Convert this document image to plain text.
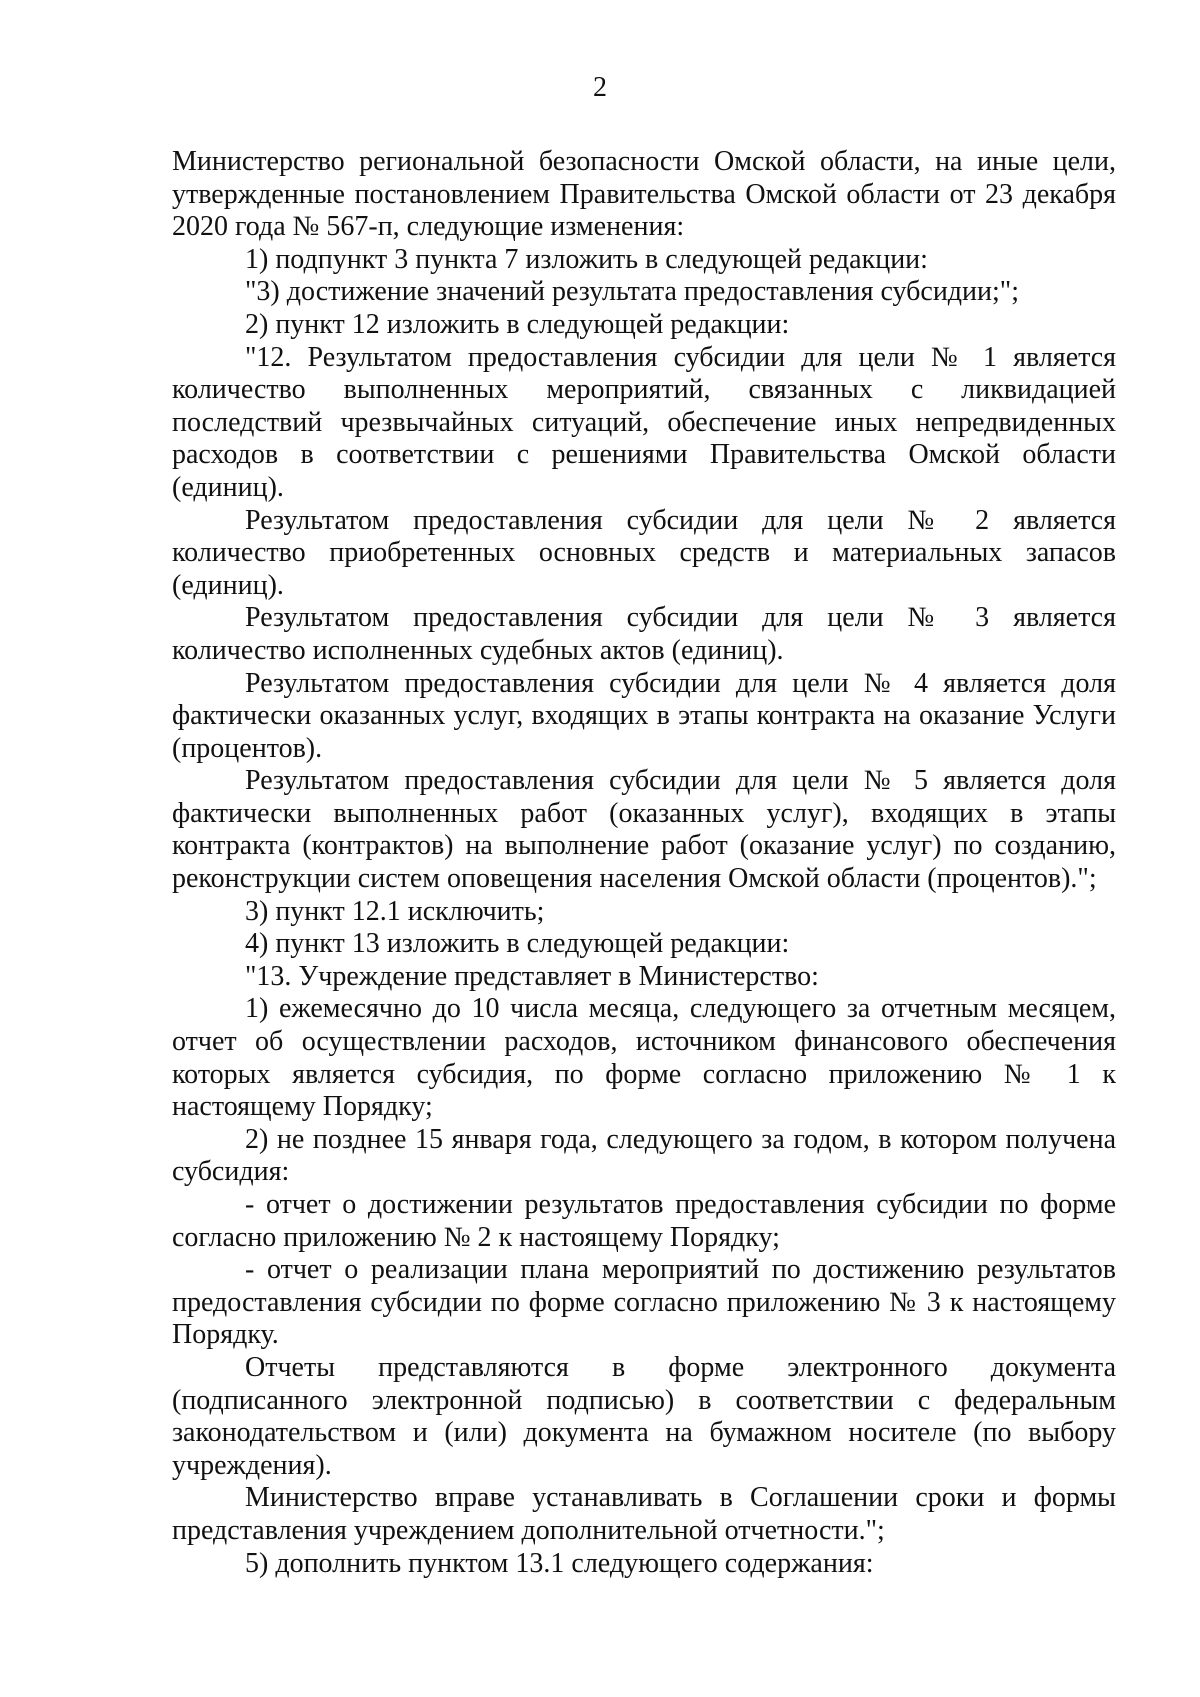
2

Министерство региональной безопасности Омской области, на иные цели, утвержденные постановлением Правительства Омской области от 23 декабря 2020 года № 567-п, следующие изменения:

1) подпункт 3 пункта 7 изложить в следующей редакции:

"3) достижение значений результата предоставления субсидии;";

2) пункт 12 изложить в следующей редакции:

"12. Результатом предоставления субсидии для цели № 1 является количество выполненных мероприятий, связанных с ликвидацией последствий чрезвычайных ситуаций, обеспечение иных непредвиденных расходов в соответствии с решениями Правительства Омской области (единиц).

Результатом предоставления субсидии для цели № 2 является количество приобретенных основных средств и материальных запасов (единиц).

Результатом предоставления субсидии для цели № 3 является количество исполненных судебных актов (единиц).

Результатом предоставления субсидии для цели № 4 является доля фактически оказанных услуг, входящих в этапы контракта на оказание Услуги (процентов).

Результатом предоставления субсидии для цели № 5 является доля фактически выполненных работ (оказанных услуг), входящих в этапы контракта (контрактов) на выполнение работ (оказание услуг) по созданию, реконструкции систем оповещения населения Омской области (процентов).";

3) пункт 12.1 исключить;

4) пункт 13 изложить в следующей редакции:

"13. Учреждение представляет в Министерство:

1) ежемесячно до 10 числа месяца, следующего за отчетным месяцем, отчет об осуществлении расходов, источником финансового обеспечения которых является субсидия, по форме согласно приложению № 1 к настоящему Порядку;

2) не позднее 15 января года, следующего за годом, в котором получена субсидия:

- отчет о достижении результатов предоставления субсидии по форме согласно приложению № 2 к настоящему Порядку;

- отчет о реализации плана мероприятий по достижению результатов предоставления субсидии по форме согласно приложению № 3 к настоящему Порядку.

Отчеты представляются в форме электронного документа (подписанного электронной подписью) в соответствии с федеральным законодательством и (или) документа на бумажном носителе (по выбору учреждения).

Министерство вправе устанавливать в Соглашении сроки и формы представления учреждением дополнительной отчетности.";

5) дополнить пунктом 13.1 следующего содержания:
